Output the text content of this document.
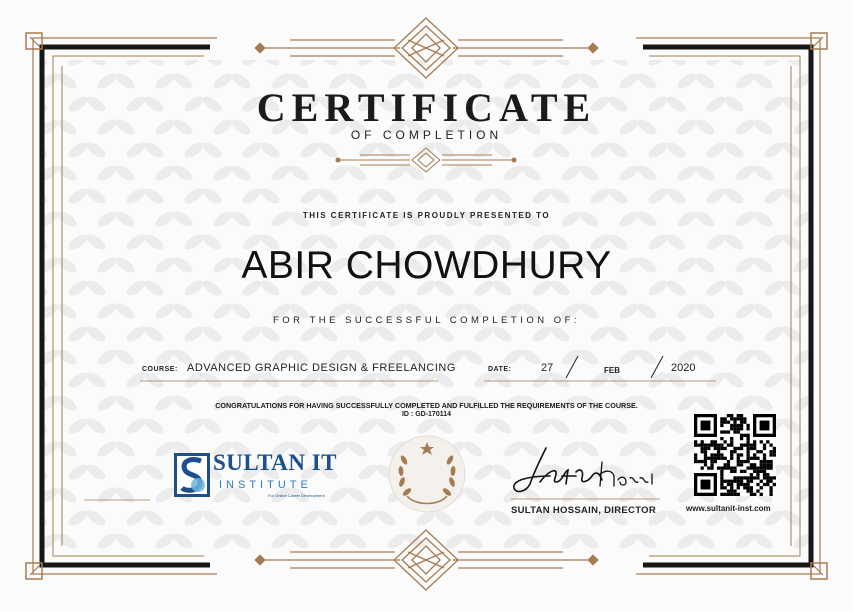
CERTIFICATE
OF COMPLETION
THIS CERTIFICATE IS PROUDLY PRESENTED TO
ABIR CHOWDHURY
FOR THE SUCCESSFUL COMPLETION OF:
COURSE: ADVANCED GRAPHIC DESIGN & FREELANCING	DATE:	27	FEB	2020
CONGRATULATIONS FOR HAVING SUCCESSFULLY COMPLETED AND FULFILLED THE REQUIREMENTS OF THE COURSE.
ID : GD-170114
SULTAN IT
INSTITUTE
For Online Career Development
SULTAN HOSSAIN, DIRECTOR	www.sultanit-inst.com
